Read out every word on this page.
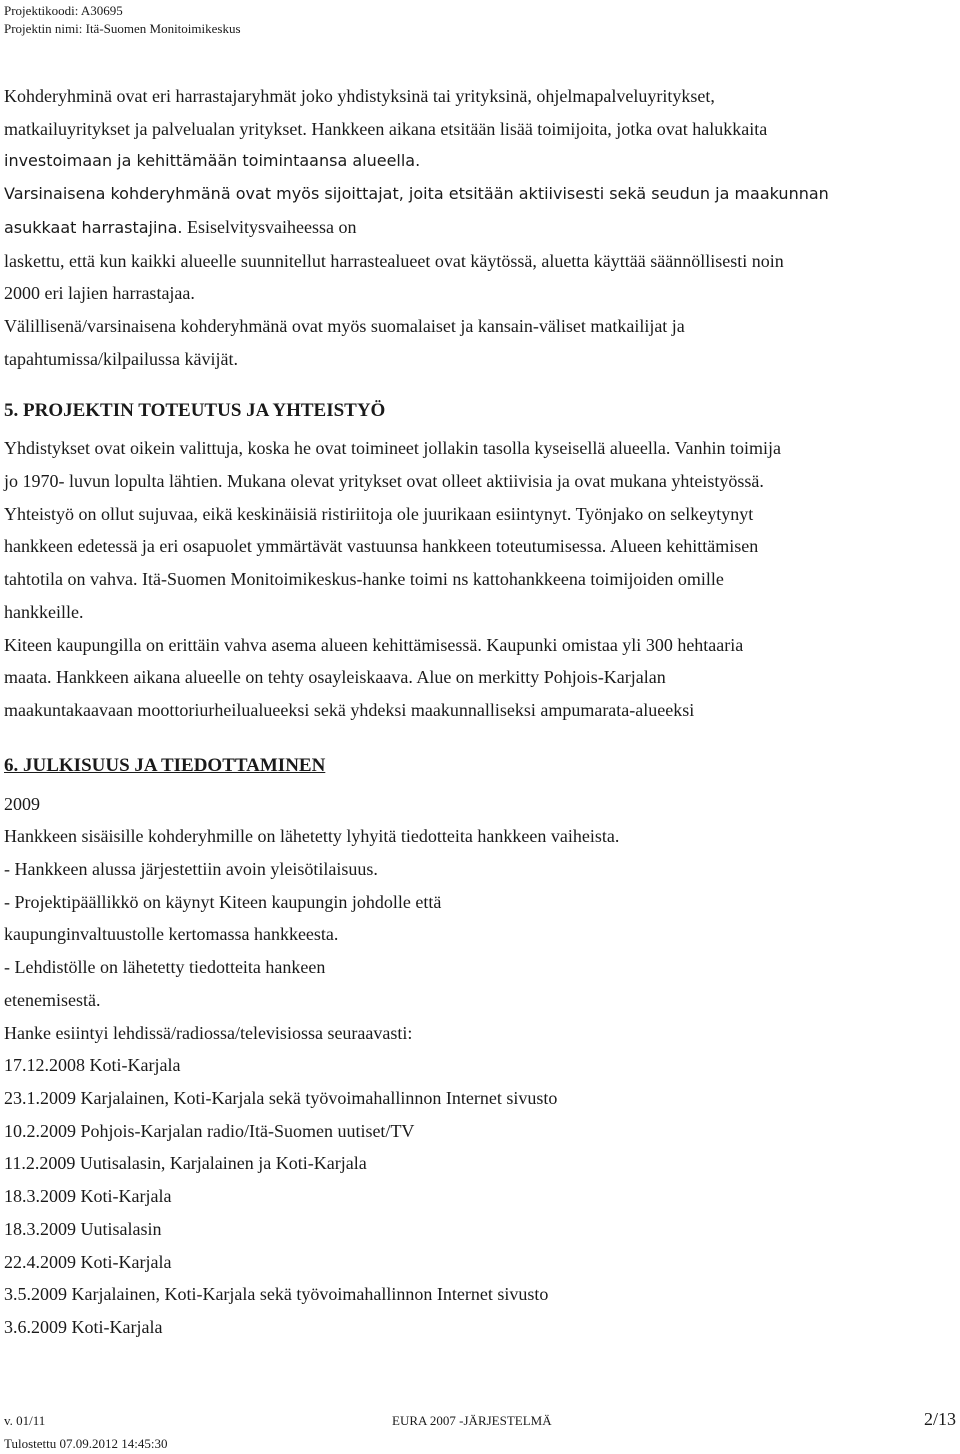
Projektikoodi: A30695
Projektin nimi: Itä-Suomen Monitoimikeskus
Kohderyhminä ovat eri harrastajaryhmät joko yhdistyksinä tai yrityksinä, ohjelmapalveluyritykset,
matkailuyritykset ja palvelualan yritykset. Hankkeen aikana etsitään lisää toimijoita, jotka ovat halukkaita
investoimaan ja kehittämään toimintaansa alueella.
Varsinaisena kohderyhmänä ovat myös sijoittajat, joita etsitään aktiivisesti sekä seudun ja maakunnan
asukkaat harrastajina. Esiselvitysvaiheessa on
laskettu, että kun kaikki alueelle suunnitellut harrastealueet ovat käytössä, aluetta käyttää säännöllisesti noin
2000 eri lajien harrastajaa.
Välillisenä/varsinaisena kohderyhmänä ovat myös suomalaiset ja kansain-väliset matkailijat ja
tapahtumissa/kilpailussa kävijät.
5. PROJEKTIN TOTEUTUS JA YHTEISTYÖ
Yhdistykset ovat oikein valittuja, koska he ovat toimineet jollakin tasolla kyseisellä alueella. Vanhin toimija
jo 1970- luvun lopulta lähtien. Mukana olevat yritykset ovat olleet aktiivisia ja ovat mukana yhteistyössä.
Yhteistyö on ollut sujuvaa, eikä keskinäisiä ristiriitoja ole juurikaan esiintynyt. Työnjako on selkeytynyt
hankkeen edetessä ja eri osapuolet ymmärtävät vastuunsa hankkeen toteutumisessa. Alueen kehittämisen
tahtotila on vahva. Itä-Suomen Monitoimikeskus-hanke toimi ns kattohankkeena toimijoiden omille
hankkeille.
Kiteen kaupungilla on erittäin vahva asema alueen kehittämisessä. Kaupunki omistaa yli 300 hehtaaria
maata. Hankkeen aikana alueelle on tehty osayleiskaava. Alue on merkitty Pohjois-Karjalan
maakuntakaavaan moottoriurheilualueeksi sekä yhdeksi maakunnalliseksi ampumarata-alueeksi
6. JULKISUUS JA TIEDOTTAMINEN
2009
Hankkeen sisäisille kohderyhmille on lähetetty lyhyitä tiedotteita hankkeen vaiheista.
- Hankkeen alussa järjestettiin avoin yleisötilaisuus.
- Projektipäällikkö on käynyt Kiteen kaupungin johdolle että
kaupunginvaltuustolle kertomassa hankkeesta.
- Lehdistölle on lähetetty tiedotteita hankeen
etenemisestä.
Hanke esiintyi lehdissä/radiossa/televisiossa seuraavasti:
17.12.2008 Koti-Karjala
23.1.2009 Karjalainen, Koti-Karjala sekä työvoimahallinnon Internet sivusto
10.2.2009 Pohjois-Karjalan radio/Itä-Suomen uutiset/TV
11.2.2009 Uutisalasin, Karjalainen ja Koti-Karjala
18.3.2009 Koti-Karjala
18.3.2009 Uutisalasin
22.4.2009 Koti-Karjala
3.5.2009 Karjalainen, Koti-Karjala sekä työvoimahallinnon Internet sivusto
3.6.2009 Koti-Karjala
v. 01/11	EURA 2007 -JÄRJESTELMÄ	2/13
Tulostettu 07.09.2012 14:45:30
